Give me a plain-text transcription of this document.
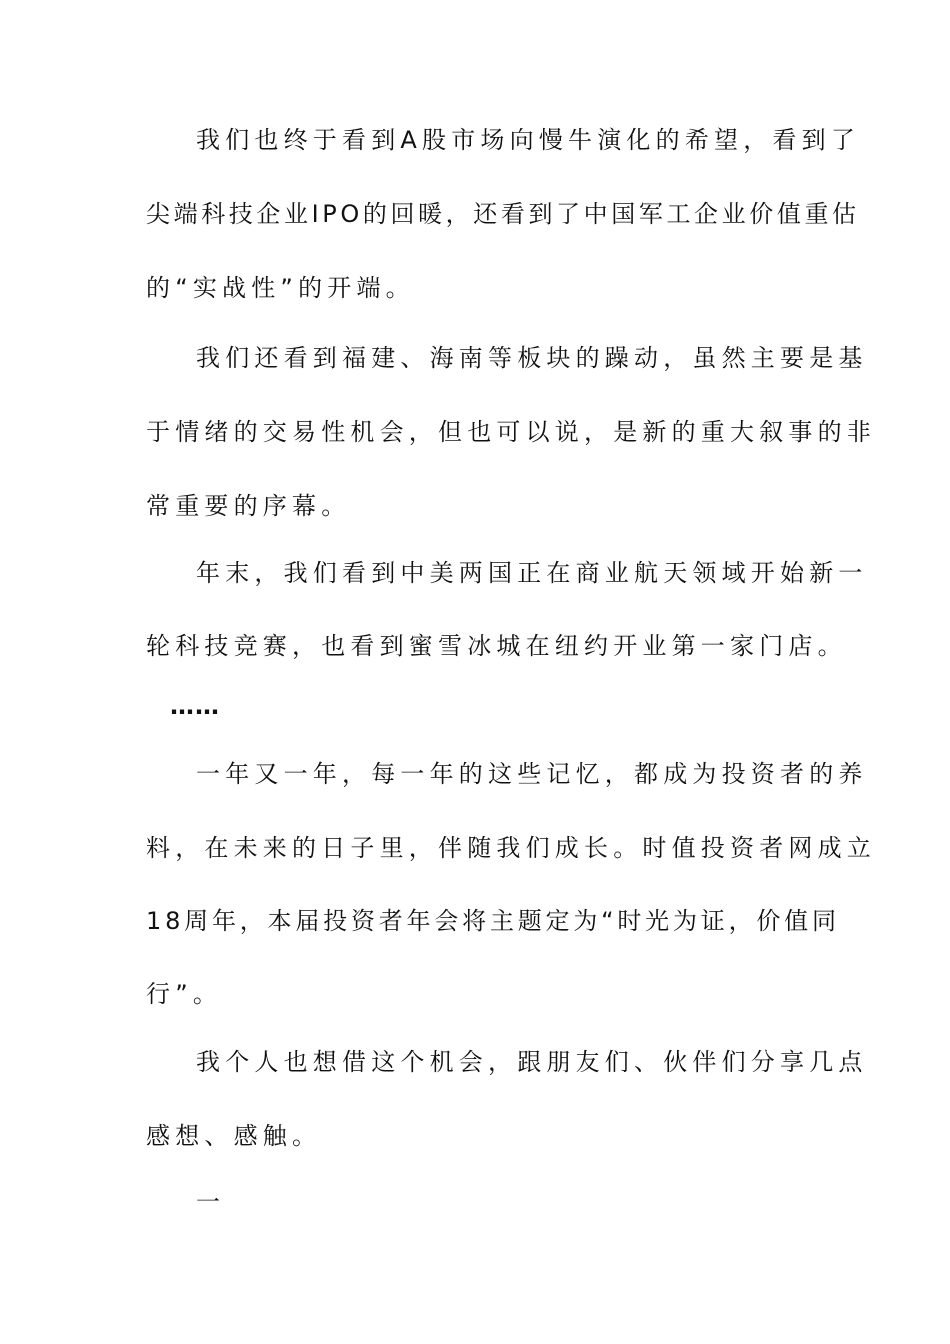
我们也终于看到A股市场向慢牛演化的希望，看到了
尖端科技企业IPO的回暖，还看到了中国军工企业价值重估
的“实战性”的开端。
我们还看到福建、海南等板块的躁动，虽然主要是基
于情绪的交易性机会，但也可以说，是新的重大叙事的非
常重要的序幕。
年末，我们看到中美两国正在商业航天领域开始新一
轮科技竞赛，也看到蜜雪冰城在纽约开业第一家门店。
……
一年又一年，每一年的这些记忆，都成为投资者的养
料，在未来的日子里，伴随我们成长。时值投资者网成立
18周年，本届投资者年会将主题定为“时光为证，价值同
行”。
我个人也想借这个机会，跟朋友们、伙伴们分享几点
感想、感触。
一
